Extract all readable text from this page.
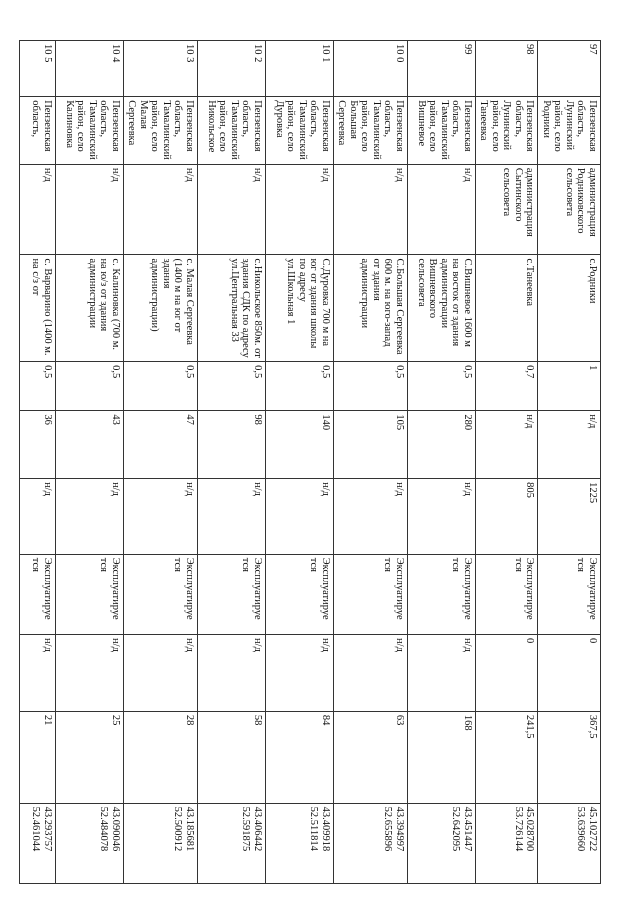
97	Пензенская область, Лунинский район, село Родники	администрация Родниковского сельсовета	с.Родники	1	н/д	1225	Эксплуатируе тся	0	367,5	45.102722 53.639660
98	Пензенская область, Лунинский район, село Танеевка	администрация Сытинского сельсовета	с.Танеевка	0,7	н/д	805	Эксплуатируе тся	0	241,5	45.028700 53.726144
99	Пензенская область, Тамалинский район, село Вишневое	н/д	С.Вишневое 1600 м на восток от здания администрации Вишневского сельсовета	0,5	280	н/д	Эксплуатируе тся	н/д	168	43.451447 52.642095
10 0	Пензенская область, Тамалинский район, село Большая Сергеевка	н/д	С.Большая Сергеевка 600 м. на юго-запад от здания администрации	0,5	105	н/д	Эксплуатируе тся	н/д	63	43.394997 52.655896
10 1	Пензенская область, Тамалинский район, село Дуровка	н/д	С.Дуровка 700 м на юг от здания школы по адресу ул.Школьная 1	0,5	140	н/д	Эксплуатируе тся	н/д	84	43.409918 52.511814
10 2	Пензенская область, Тамалинский район, село Никольское	н/д	с.Никольское 850м. от здания СДК по адресу ул.Центральная 33	0,5	98	н/д	Эксплуатируе тся	н/д	58	43.406442 52.591875
10 3	Пензенская область, Тамалинский район, село Малая Сергеевка	н/д	с. Малая Сергеевка (1400 м на юг от здания администрации)	0,5	47	н/д	Эксплуатируе тся	н/д	28	43.185681 52.500912
10 4	Пензенская область, Тамалинский район, село Калиновка	н/д	с. Калиновка (700 м. на ю/з от здания администрации	0,5	43	н/д	Эксплуатируе тся	н/д	25	43.090046 52.484078
10 5	Пензенская область,	н/д	с. Варварино (1400 м. на с/з от	0,5	36	н/д	Эксплуатируе тся	н/д	21	43.293757 52.461044
